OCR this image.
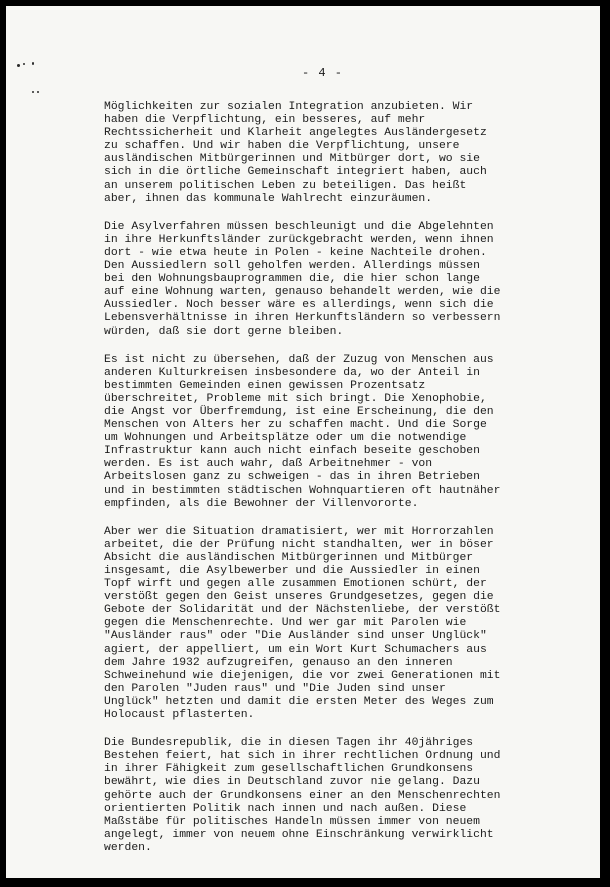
- 4 -
Möglichkeiten zur sozialen Integration anzubieten. Wir
haben die Verpflichtung, ein besseres, auf mehr
Rechtssicherheit und Klarheit angelegtes Ausländergesetz
zu schaffen. Und wir haben die Verpflichtung, unsere
ausländischen Mitbürgerinnen und Mitbürger dort, wo sie
sich in die örtliche Gemeinschaft integriert haben, auch
an unserem politischen Leben zu beteiligen. Das heißt
aber, ihnen das kommunale Wahlrecht einzuräumen.
Die Asylverfahren müssen beschleunigt und die Abgelehnten
in ihre Herkunftsländer zurückgebracht werden, wenn ihnen
dort - wie etwa heute in Polen - keine Nachteile drohen.
Den Aussiedlern soll geholfen werden. Allerdings müssen
bei den Wohnungsbauprogrammen die, die hier schon lange
auf eine Wohnung warten, genauso behandelt werden, wie die
Aussiedler. Noch besser wäre es allerdings, wenn sich die
Lebensverhältnisse in ihren Herkunftsländern so verbessern
würden, daß sie dort gerne bleiben.
Es ist nicht zu übersehen, daß der Zuzug von Menschen aus
anderen Kulturkreisen insbesondere da, wo der Anteil in
bestimmten Gemeinden einen gewissen Prozentsatz
überschreitet, Probleme mit sich bringt. Die Xenophobie,
die Angst vor Überfremdung, ist eine Erscheinung, die den
Menschen von Alters her zu schaffen macht. Und die Sorge
um Wohnungen und Arbeitsplätze oder um die notwendige
Infrastruktur kann auch nicht einfach beseite geschoben
werden. Es ist auch wahr, daß Arbeitnehmer - von
Arbeitslosen ganz zu schweigen - das in ihren Betrieben
und in bestimmten städtischen Wohnquartieren oft hautnäher
empfinden, als die Bewohner der Villenvororte.
Aber wer die Situation dramatisiert, wer mit Horrorzahlen
arbeitet, die der Prüfung nicht standhalten, wer in böser
Absicht die ausländischen Mitbürgerinnen und Mitbürger
insgesamt, die Asylbewerber und die Aussiedler in einen
Topf wirft und gegen alle zusammen Emotionen schürt, der
verstößt gegen den Geist unseres Grundgesetzes, gegen die
Gebote der Solidarität und der Nächstenliebe, der verstößt
gegen die Menschenrechte. Und wer gar mit Parolen wie
"Ausländer raus" oder "Die Ausländer sind unser Unglück"
agiert, der appelliert, um ein Wort Kurt Schumachers aus
dem Jahre 1932 aufzugreifen, genauso an den inneren
Schweinehund wie diejenigen, die vor zwei Generationen mit
den Parolen "Juden raus" und "Die Juden sind unser
Unglück" hetzten und damit die ersten Meter des Weges zum
Holocaust pflasterten.
Die Bundesrepublik, die in diesen Tagen ihr 40jähriges
Bestehen feiert, hat sich in ihrer rechtlichen Ordnung und
in ihrer Fähigkeit zum gesellschaftlichen Grundkonsens
bewährt, wie dies in Deutschland zuvor nie gelang. Dazu
gehörte auch der Grundkonsens einer an den Menschenrechten
orientierten Politik nach innen und nach außen. Diese
Maßstäbe für politisches Handeln müssen immer von neuem
angelegt, immer von neuem ohne Einschränkung verwirklicht
werden.
